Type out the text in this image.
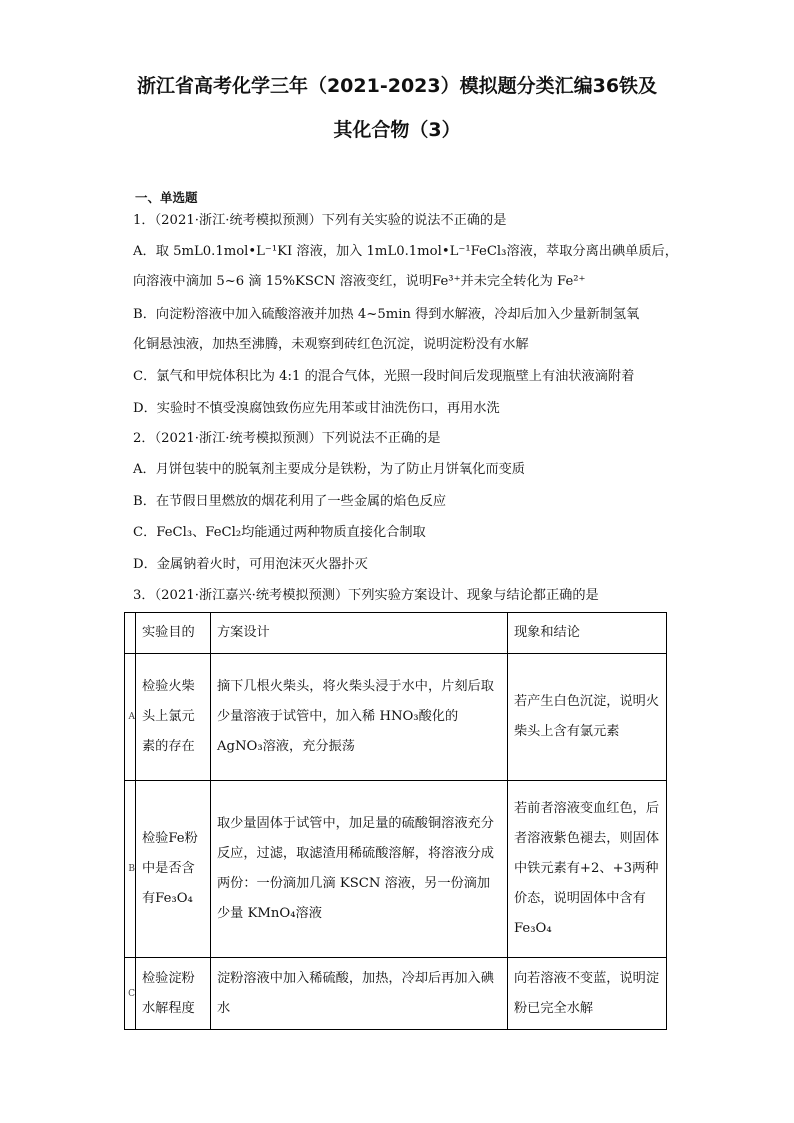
浙江省高考化学三年（2021-2023）模拟题分类汇编36铁及
其化合物（3）
一、单选题
1．（2021·浙江·统考模拟预测）下列有关实验的说法不正确的是
A．取 5mL0.1mol•L⁻¹KI 溶液，加入 1mL0.1mol•L⁻¹FeCl₃溶液，萃取分离出碘单质后，
向溶液中滴加 5~6 滴 15%KSCN 溶液变红，说明Fe³⁺并未完全转化为 Fe²⁺
B．向淀粉溶液中加入硫酸溶液并加热 4~5min 得到水解液，冷却后加入少量新制氢氧
化铜悬浊液，加热至沸腾，未观察到砖红色沉淀，说明淀粉没有水解
C．氯气和甲烷体积比为 4:1 的混合气体，光照一段时间后发现瓶壁上有油状液滴附着
D．实验时不慎受溴腐蚀致伤应先用苯或甘油洗伤口，再用水洗
2．（2021·浙江·统考模拟预测）下列说法不正确的是
A．月饼包装中的脱氧剂主要成分是铁粉，为了防止月饼氧化而变质
B．在节假日里燃放的烟花利用了一些金属的焰色反应
C．FeCl₃、FeCl₂均能通过两种物质直接化合制取
D．金属钠着火时，可用泡沫灭火器扑灭
3．（2021·浙江嘉兴·统考模拟预测）下列实验方案设计、现象与结论都正确的是
	实验目的	方案设计	现象和结论
A	检验火柴头上氯元素的存在	摘下几根火柴头，将火柴头浸于水中，片刻后取少量溶液于试管中，加入稀 HNO₃酸化的 AgNO₃溶液，充分振荡	若产生白色沉淀，说明火柴头上含有氯元素
B	检验Fe粉中是否含有Fe₃O₄	取少量固体于试管中，加足量的硫酸铜溶液充分反应，过滤，取滤渣用稀硫酸溶解，将溶液分成两份：一份滴加几滴 KSCN 溶液，另一份滴加少量 KMnO₄溶液	若前者溶液变血红色，后者溶液紫色褪去，则固体中铁元素有+2、+3两种价态，说明固体中含有Fe₃O₄
C	检验淀粉水解程度	淀粉溶液中加入稀硫酸，加热，冷却后再加入碘水	向若溶液不变蓝，说明淀粉已完全水解
